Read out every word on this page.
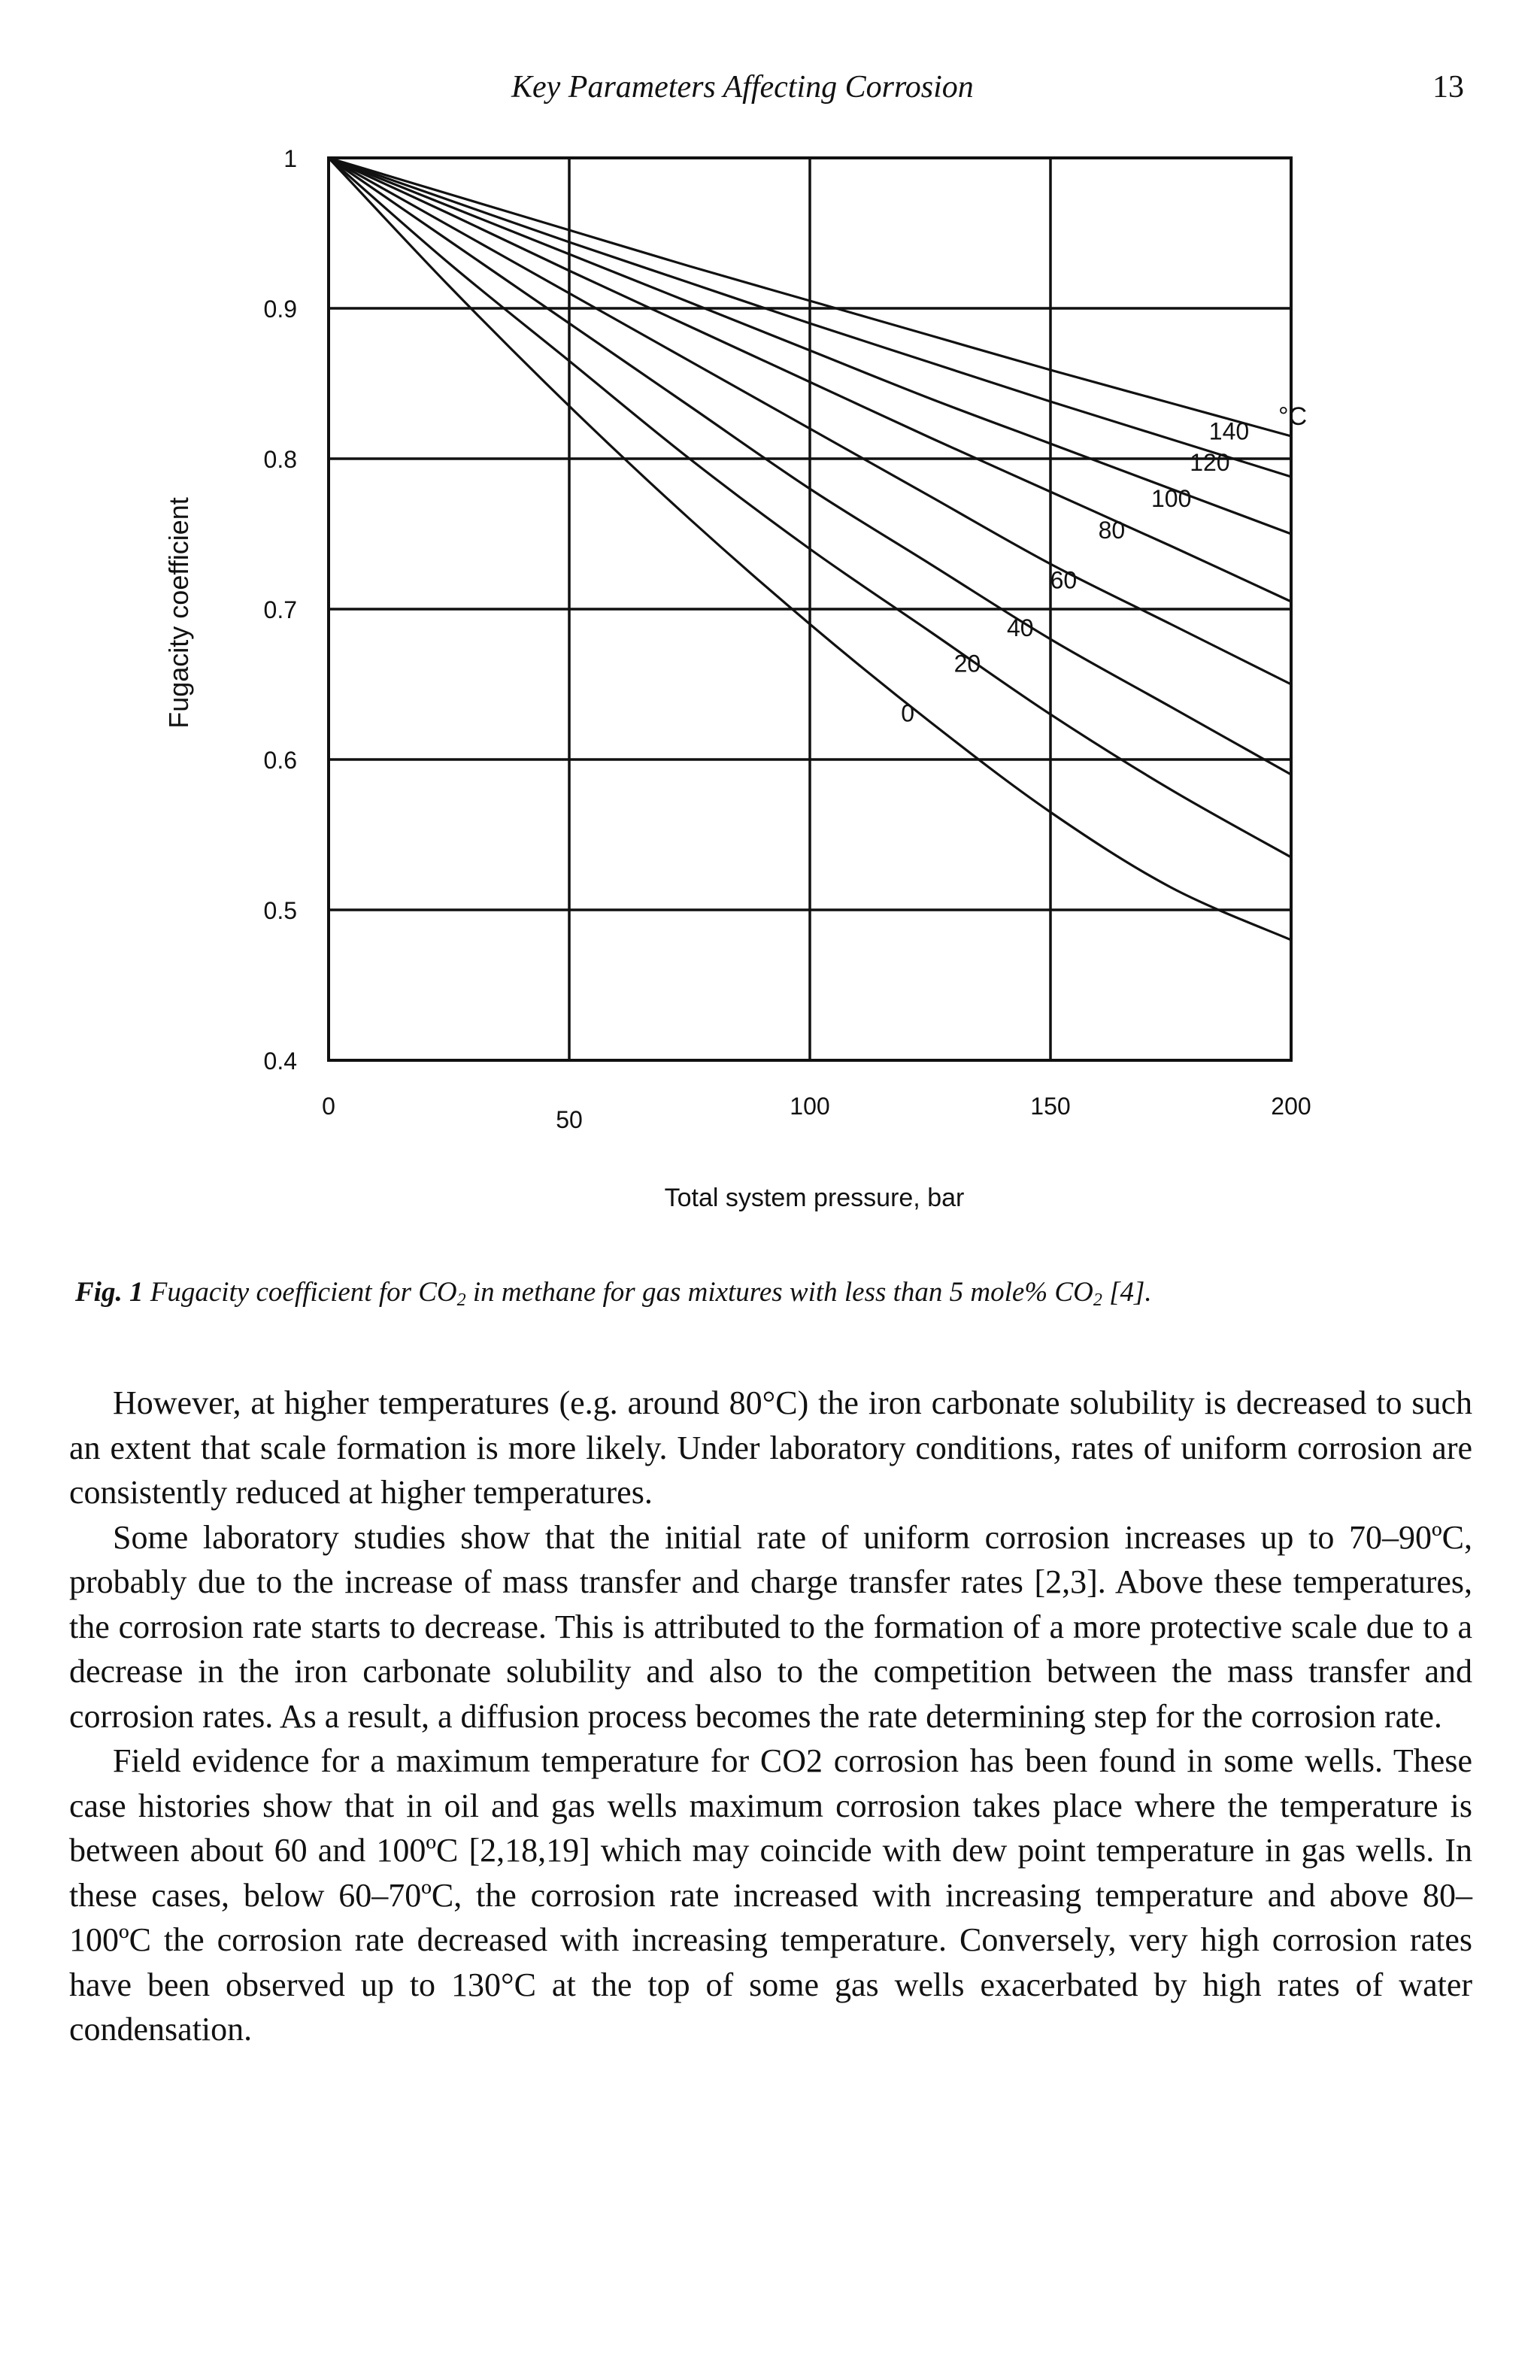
Key Parameters Affecting Corrosion	13
1
0.9
0.8
0.7
0.6
0.5
0.4
0	50	100	150	200
0
20
40
60
80
100
120
140
°C
Fugacity coefficient
Total system pressure, bar
Fig. 1 Fugacity coefficient for $CO_2$ in methane for gas mixtures with less than 5 mole% $CO_2$ [4].

However, at higher temperatures (e.g. around 80°C) the iron carbonate solubility is decreased to such an extent that scale formation is more likely. Under laboratory conditions, rates of uniform corrosion are consistently reduced at higher temperatures.

Some laboratory studies show that the initial rate of uniform corrosion increases up to 70–90ºC, probably due to the increase of mass transfer and charge transfer rates [2,3]. Above these temperatures, the corrosion rate starts to decrease. This is attributed to the formation of a more protective scale due to a decrease in the iron carbonate solubility and also to the competition between the mass transfer and corrosion rates. As a result, a diffusion process becomes the rate determining step for the corrosion rate.

Field evidence for a maximum temperature for CO2 corrosion has been found in some wells. These case histories show that in oil and gas wells maximum corrosion takes place where the temperature is between about 60 and 100ºC [2,18,19] which may coincide with dew point temperature in gas wells. In these cases, below 60–70ºC, the corrosion rate increased with increasing temperature and above 80–100ºC the corrosion rate decreased with increasing temperature. Conversely, very high corrosion rates have been observed up to 130°C at the top of some gas wells exacerbated by high rates of water condensation.
